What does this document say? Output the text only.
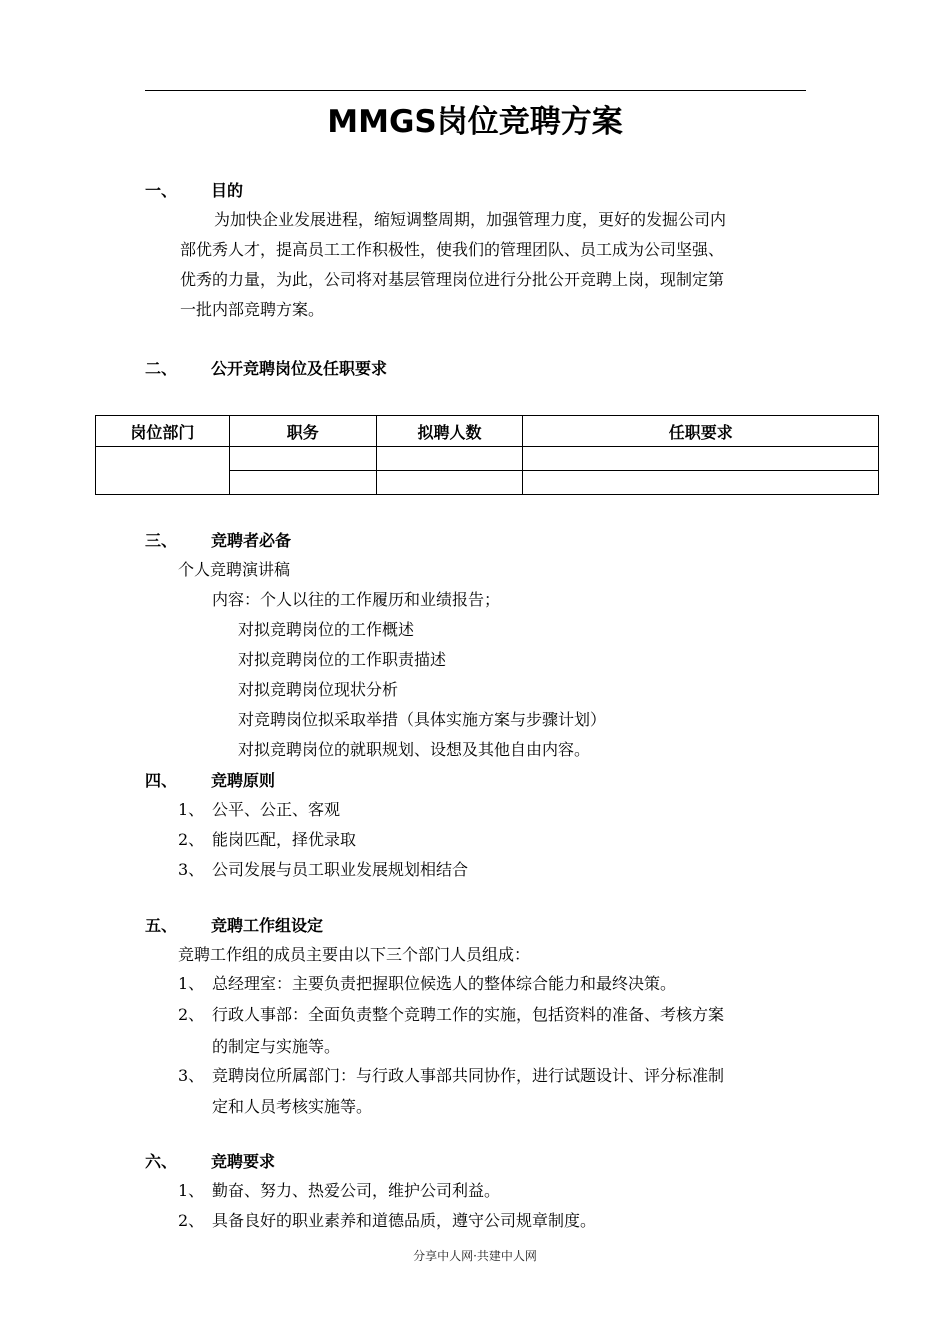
MMGS岗位竞聘方案
一、 目的
为加快企业发展进程，缩短调整周期，加强管理力度，更好的发掘公司内
部优秀人才，提高员工工作积极性，使我们的管理团队、员工成为公司坚强、
优秀的力量，为此，公司将对基层管理岗位进行分批公开竞聘上岗，现制定第
一批内部竞聘方案。
二、 公开竞聘岗位及任职要求
岗位部门	职务	拟聘人数	任职要求

三、 竞聘者必备
个人竞聘演讲稿
内容：个人以往的工作履历和业绩报告；
对拟竞聘岗位的工作概述
对拟竞聘岗位的工作职责描述
对拟竞聘岗位现状分析
对竞聘岗位拟采取举措（具体实施方案与步骤计划）
对拟竞聘岗位的就职规划、设想及其他自由内容。
四、 竞聘原则
1、 公平、公正、客观
2、 能岗匹配，择优录取
3、 公司发展与员工职业发展规划相结合
五、 竞聘工作组设定
竞聘工作组的成员主要由以下三个部门人员组成：
1、 总经理室：主要负责把握职位候选人的整体综合能力和最终决策。
2、 行政人事部：全面负责整个竞聘工作的实施，包括资料的准备、考核方案
的制定与实施等。
3、 竞聘岗位所属部门：与行政人事部共同协作，进行试题设计、评分标准制
定和人员考核实施等。
六、 竞聘要求
1、 勤奋、努力、热爱公司，维护公司利益。
2、 具备良好的职业素养和道德品质，遵守公司规章制度。
分享中人网·共建中人网
